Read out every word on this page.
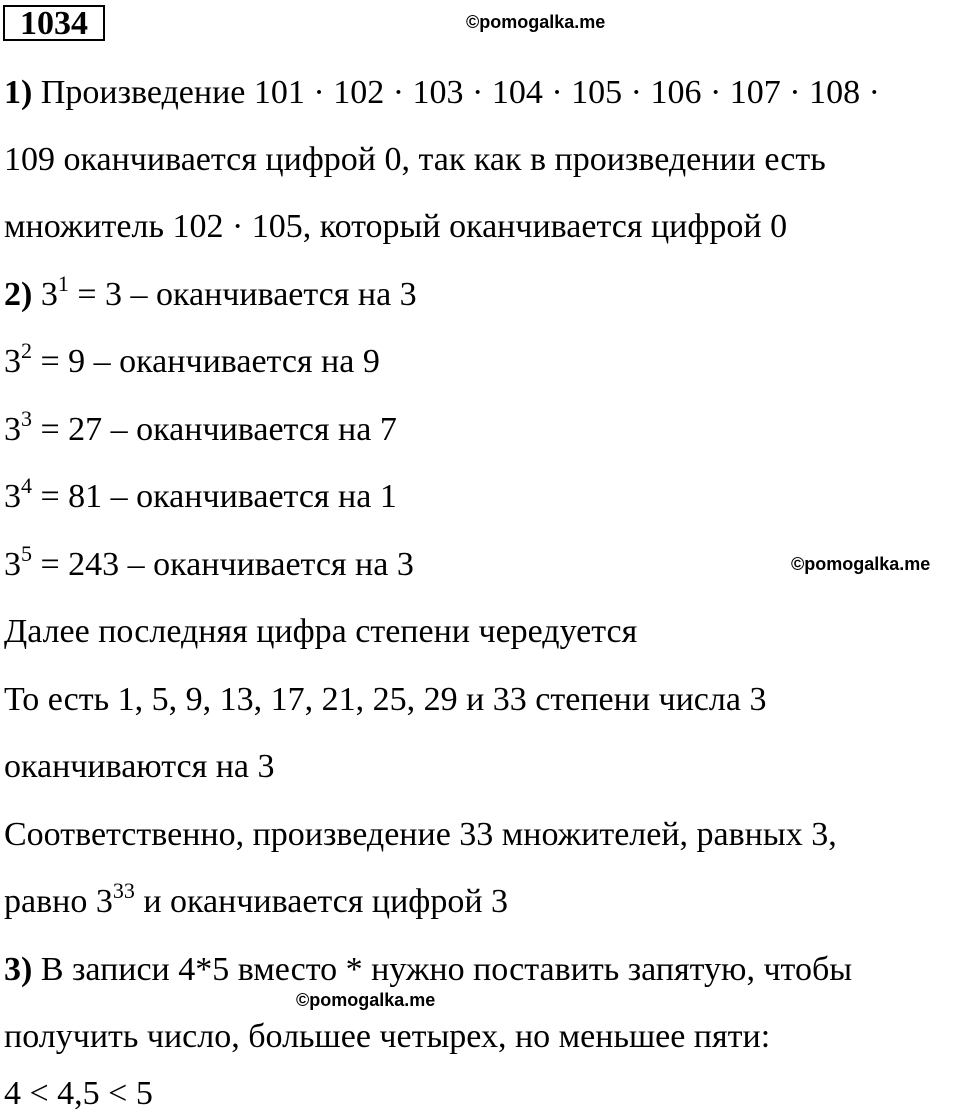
1034	©pomogalka.me
©pomogalka.me
©pomogalka.me
1) Произведение 101 · 102 · 103 · 104 · 105 · 106 · 107 · 108 ·
109 оканчивается цифрой 0, так как в произведении есть
множитель 102 · 105, который оканчивается цифрой 0
2) $3^1 = 3$ – оканчивается на 3
$3^2 = 9$ – оканчивается на 9
$3^3 = 27$ – оканчивается на 7
$3^4 = 81$ – оканчивается на 1
$3^5 = 243$ – оканчивается на 3
Далее последняя цифра степени чередуется
То есть 1, 5, 9, 13, 17, 21, 25, 29 и 33 степени числа 3
оканчиваются на 3
Соответственно, произведение 33 множителей, равных 3,
равно $3^{33}$ и оканчивается цифрой 3
3) В записи 4*5 вместо * нужно поставить запятую, чтобы
получить число, большее четырех, но меньшее пяти:
4 < 4,5 < 5
